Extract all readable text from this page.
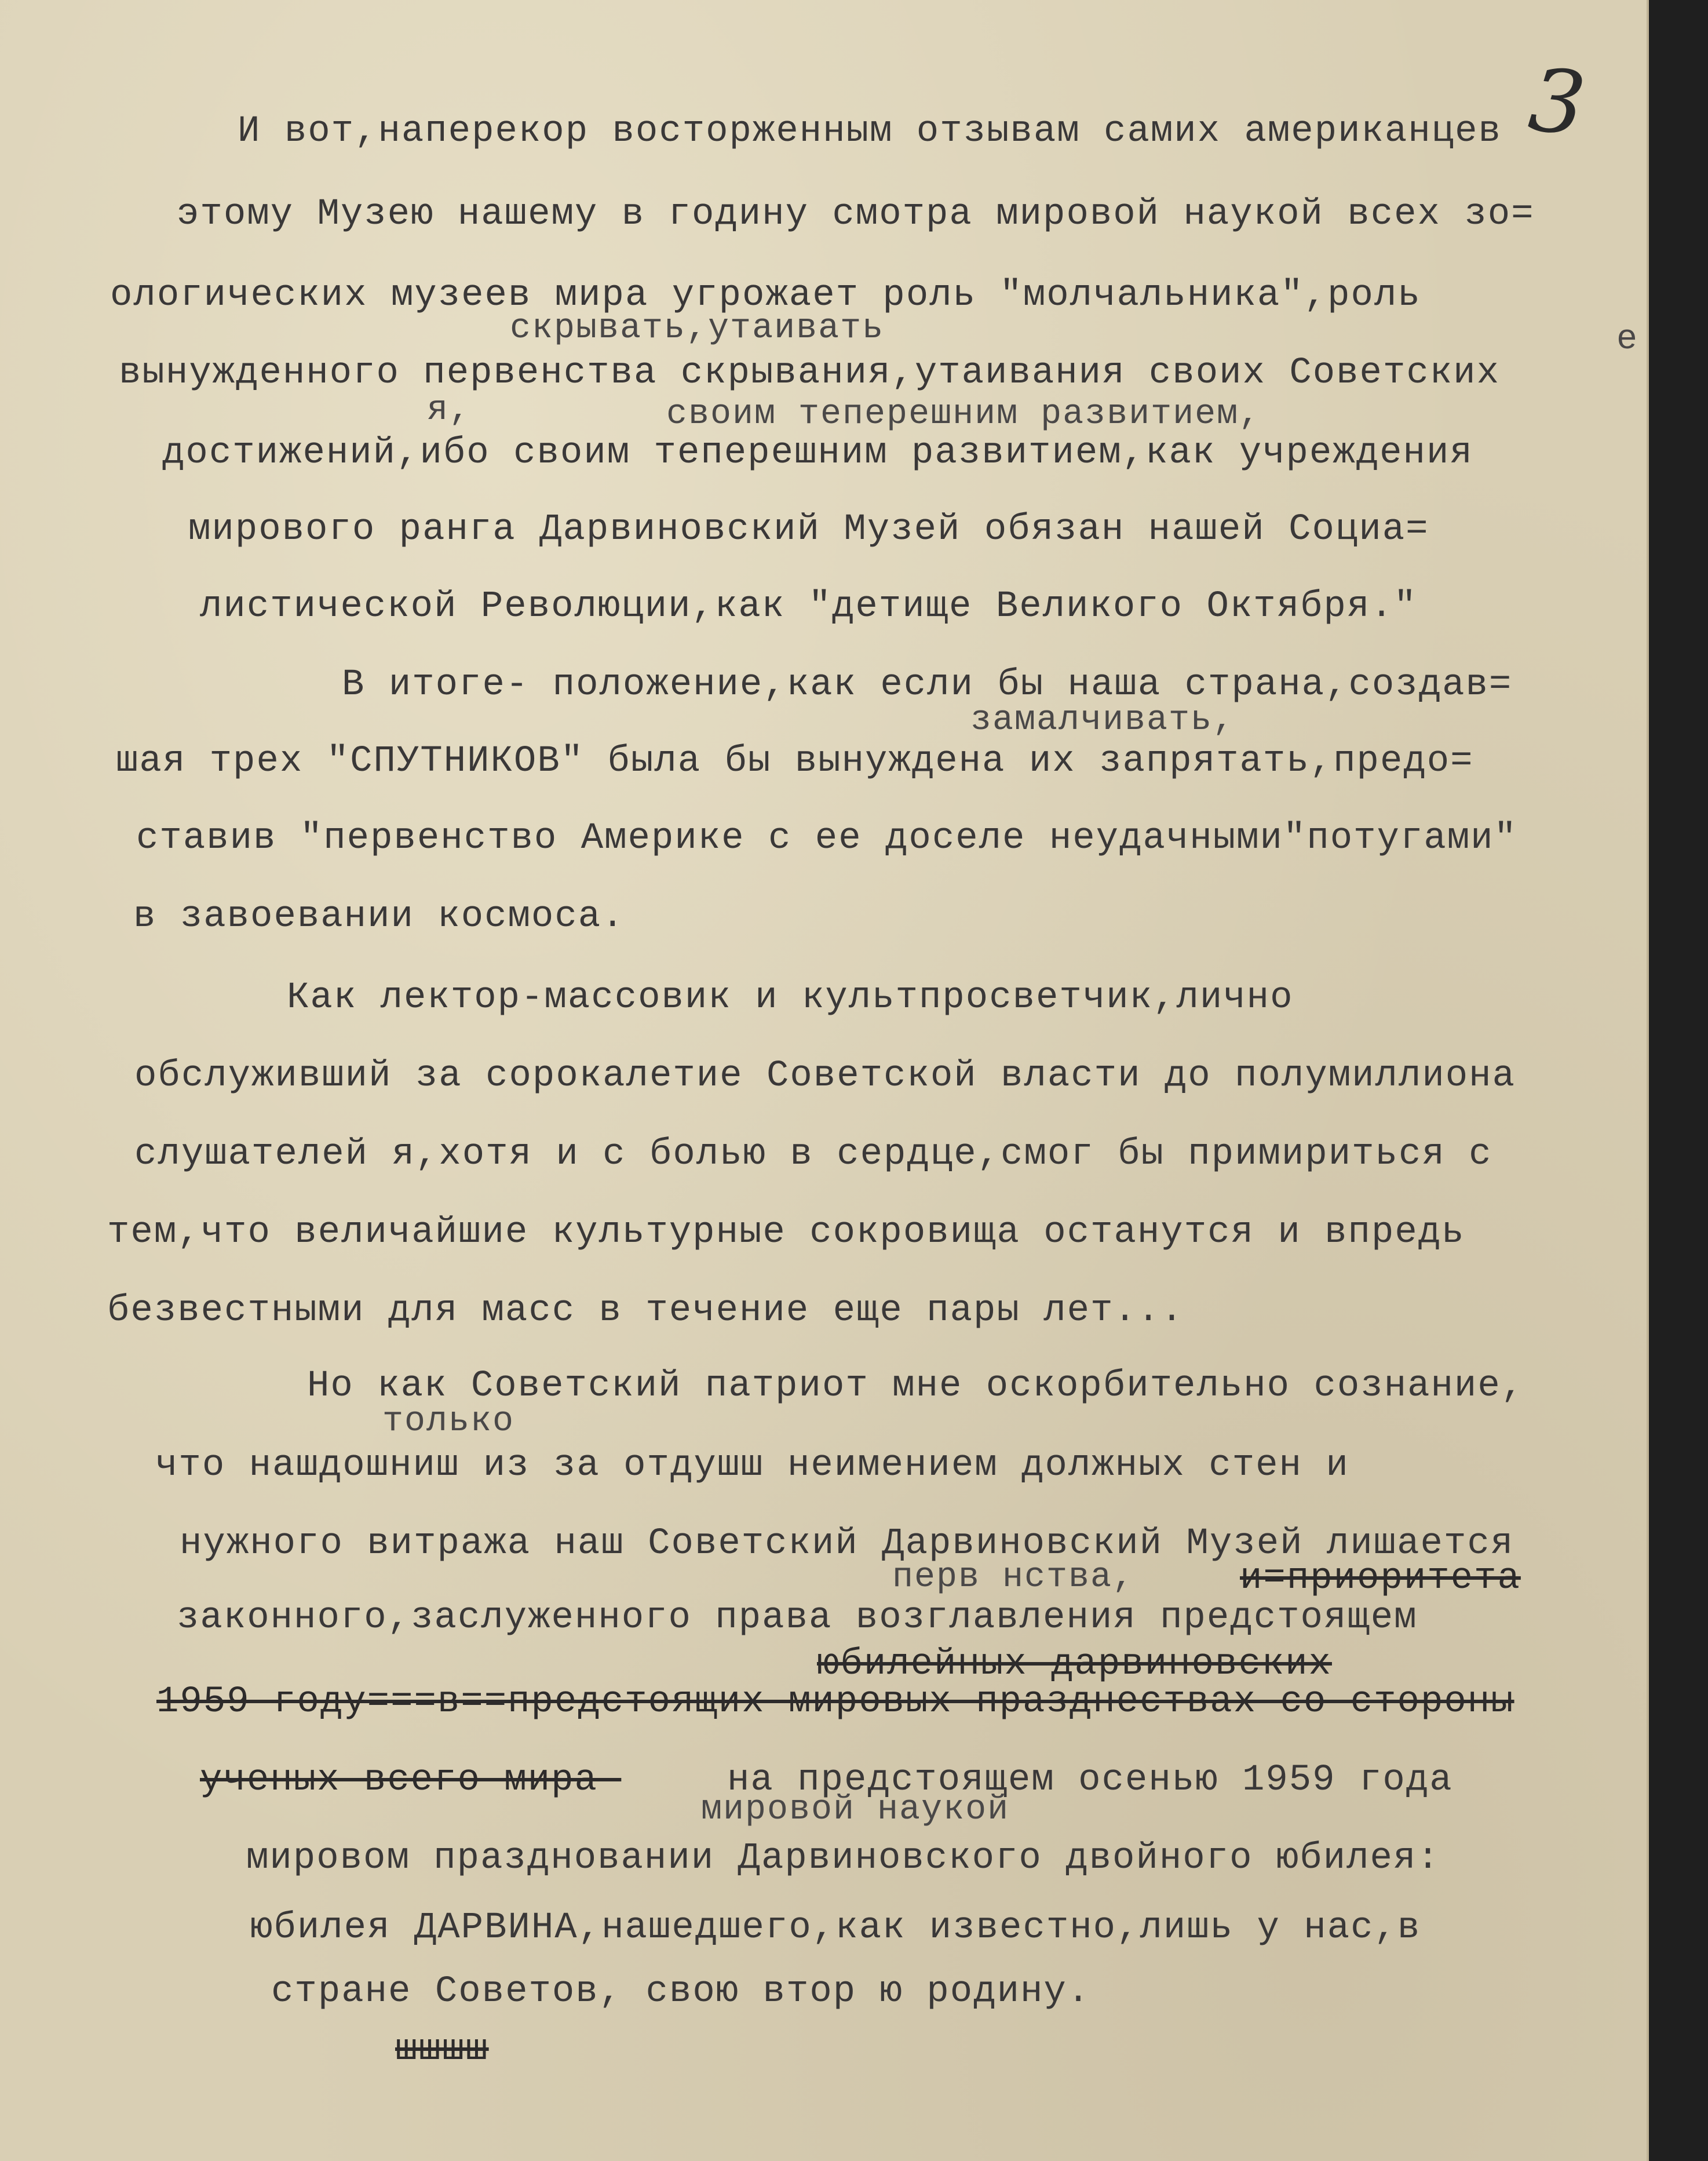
3
И вот,наперекор восторженным отзывам самих американцев
этому Музею нашему в годину смотра мировой наукой всех зо=
ологических музеев мира угрожает роль "молчальника",роль
скрывать,утаивать	е
вынужденного первенства скрывания,утаивания своих Советских
я,	своим теперешним развитием,
достижений,ибо своим теперешним развитием,как учреждения
мирового ранга Дарвиновский Музей обязан нашей Социа=
листической Революции,как "детище Великого Октября."
В итоге- положение,как если бы наша страна,создав=
замалчивать,
шая трех "СПУТНИКОВ" была бы вынуждена их запрятать,предо=
ставив "первенство Америке с ее доселе неудачными"потугами"
в завоевании космоса.
Как лектор-массовик и культпросветчик,лично
обслуживший за сорокалетие Советской власти до полумиллиона
слушателей я,хотя и с болью в сердце,смог бы примириться с
тем,что величайшие культурные сокровища останутся и впредь
безвестными для масс в течение еще пары лет...
Но как Советский патриот мне оскорбительно сознание,
только
что нашдошниш из за отдушш неимением должных стен и
нужного витража наш Советский Дарвиновский Музей лишается
перв нства,	и=приоритета
законного,заслуженного права возглавления предстоящем
юбилейных-дарвиновских
1959 году===в==предстоящих-мировых-празднествах-со-стороны
ученых-всего-мира-	на предстоящем осенью 1959 года
мировой наукой
мировом праздновании Дарвиновского двойного юбилея:
юбилея ДАРВИНА,нашедшего,как известно,лишь у нас,в
стране Советов, свою втор ю родину.
шшшш
